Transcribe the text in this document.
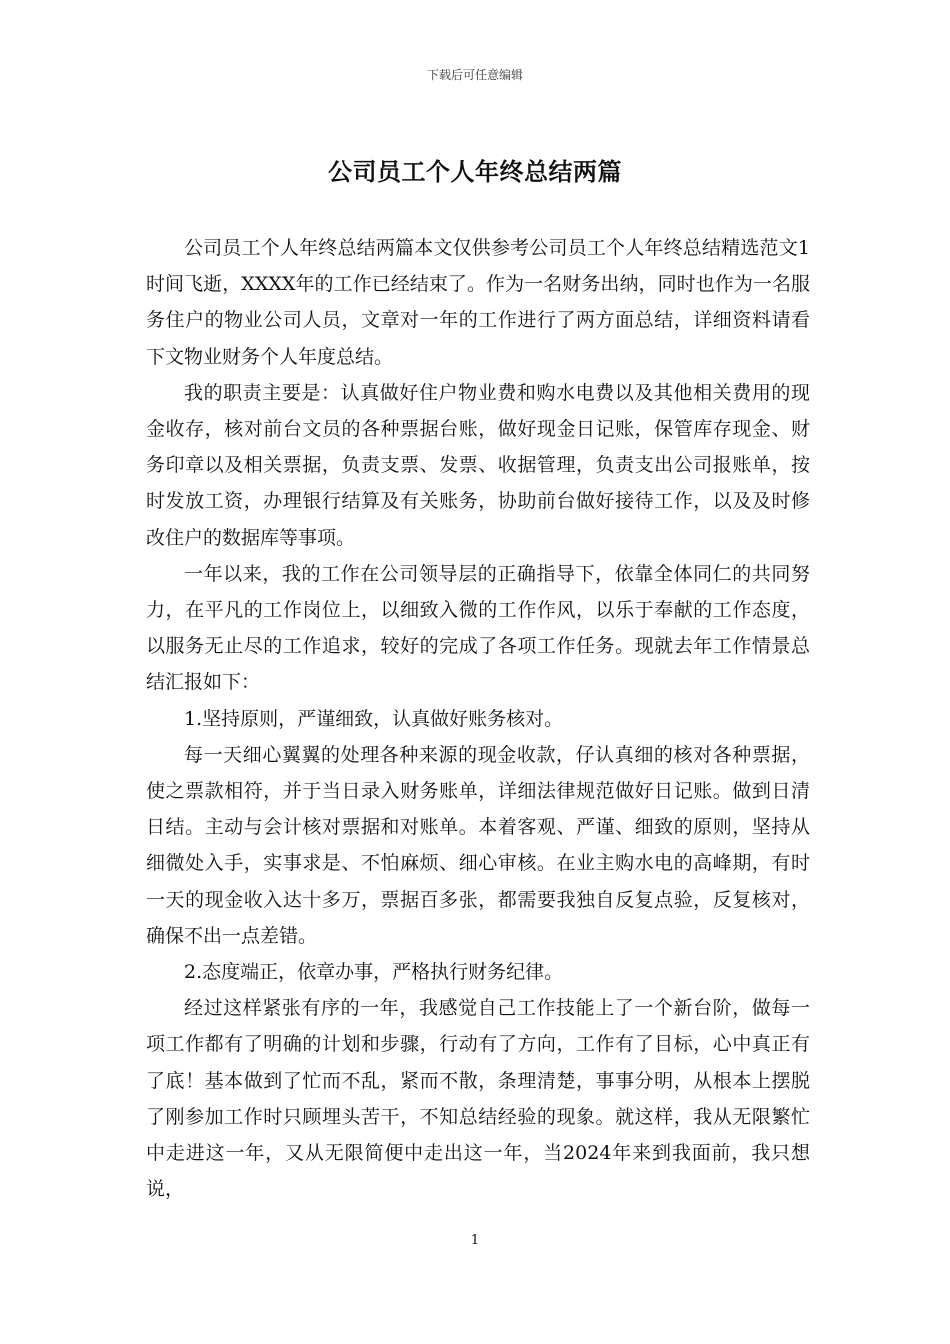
下载后可任意编辑
公司员工个人年终总结两篇

公司员工个人年终总结两篇本文仅供参考公司员工个人年终总结精选范文1时间飞逝，XXXX年的工作已经结束了。作为一名财务出纳，同时也作为一名服务住户的物业公司人员，文章对一年的工作进行了两方面总结，详细资料请看下文物业财务个人年度总结。

我的职责主要是：认真做好住户物业费和购水电费以及其他相关费用的现金收存，核对前台文员的各种票据台账，做好现金日记账，保管库存现金、财务印章以及相关票据，负责支票、发票、收据管理，负责支出公司报账单，按时发放工资，办理银行结算及有关账务，协助前台做好接待工作，以及及时修改住户的数据库等事项。

一年以来，我的工作在公司领导层的正确指导下，依靠全体同仁的共同努力，在平凡的工作岗位上，以细致入微的工作作风，以乐于奉献的工作态度，以服务无止尽的工作追求，较好的完成了各项工作任务。现就去年工作情景总结汇报如下：

1.坚持原则，严谨细致，认真做好账务核对。

每一天细心翼翼的处理各种来源的现金收款，仔认真细的核对各种票据，使之票款相符，并于当日录入财务账单，详细法律规范做好日记账。做到日清日结。主动与会计核对票据和对账单。本着客观、严谨、细致的原则，坚持从细微处入手，实事求是、不怕麻烦、细心审核。在业主购水电的高峰期，有时一天的现金收入达十多万，票据百多张，都需要我独自反复点验，反复核对，确保不出一点差错。

2.态度端正，依章办事，严格执行财务纪律。

经过这样紧张有序的一年，我感觉自己工作技能上了一个新台阶，做每一项工作都有了明确的计划和步骤，行动有了方向，工作有了目标，心中真正有了底！基本做到了忙而不乱，紧而不散，条理清楚，事事分明，从根本上摆脱了刚参加工作时只顾埋头苦干，不知总结经验的现象。就这样，我从无限繁忙中走进这一年，又从无限简便中走出这一年，当2024年来到我面前，我只想说，

1
